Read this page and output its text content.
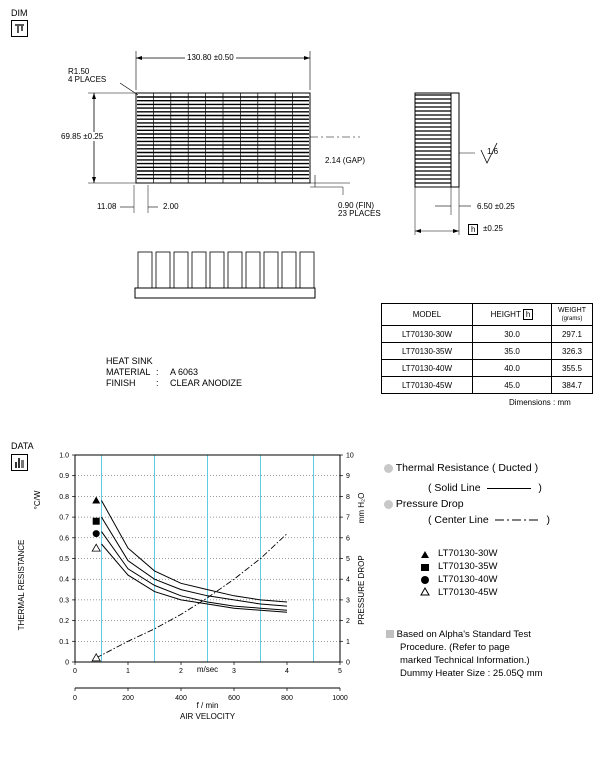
DIM
130.80 ±0.50
R1.50
4 PLACES
69.85 ±0.25
2.14 (GAP)
11.08	2.00	0.90 (FIN)
23 PLACES
1.6
6.50 ±0.25
h ±0.25
HEAT SINK
MATERIAL : A 6063
FINISH : CLEAR ANODIZE
MODEL	HEIGHT h	WEIGHT
(grams)
LT70130-30W	30.0	297.1
LT70130-35W	35.0	326.3
LT70130-40W	40.0	355.5
LT70130-45W	45.0	384.7
Dimensions : mm
DATA
0
0.1
0.2
0.3
0.4
0.5
0.6
0.7
0.8
0.9
1.0
0
1
2
3
4
5
6
7
8
9
10
0	1	2	3	4	5
0	200	400	600	800	1000
m/sec
f / min
AIR VELOCITY
THERMAL RESISTANCE
°C/W
PRESSURE DROP
mm H₂O
Thermal Resistance ( Ducted )
( Solid Line	)
Pressure Drop
( Center Line	)
LT70130-30W
LT70130-35W
LT70130-40W
LT70130-45W
Based on Alpha's Standard Test
Procedure. (Refer to page
marked Technical Information.)
Dummy Heater Size : 25.05Q mm
